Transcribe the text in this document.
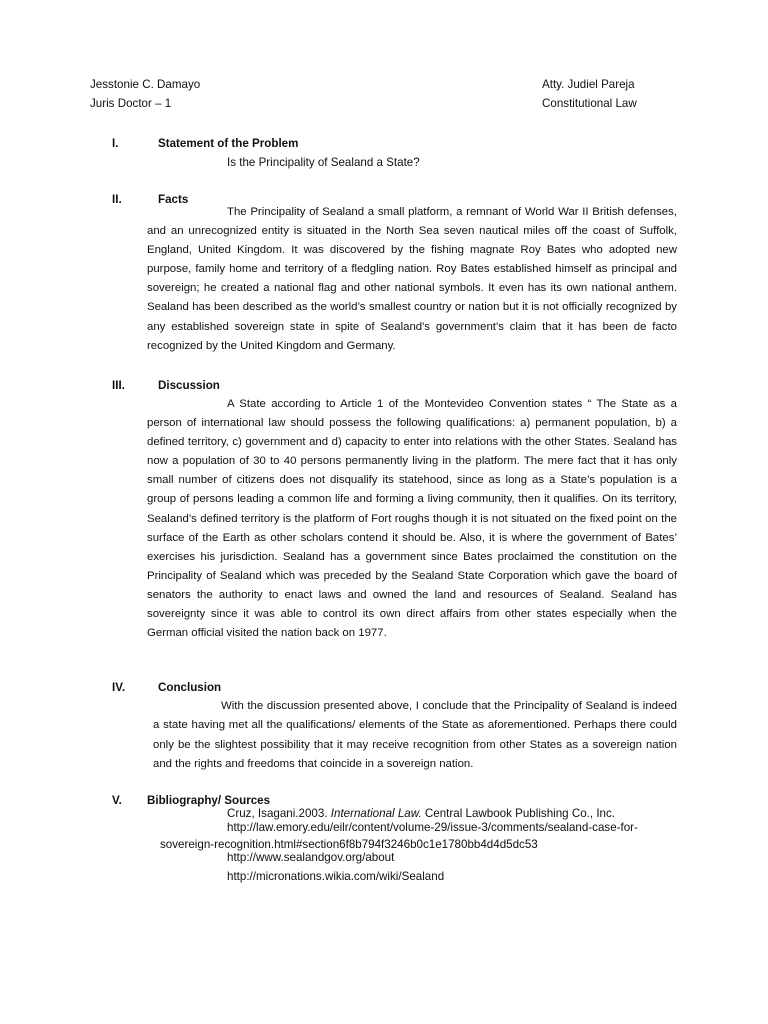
Jesstonie C. Damayo
Juris Doctor – 1
Atty. Judiel Pareja
Constitutional Law
I.	Statement of the Problem
Is the Principality of Sealand a State?
II.	Facts

The Principality of Sealand a small platform, a remnant of World War II British defenses, and an unrecognized entity is situated in the North Sea seven nautical miles off the coast of Suffolk, England, United Kingdom. It was discovered by the fishing magnate Roy Bates who adopted new purpose, family home and territory of a fledgling nation. Roy Bates established himself as principal and sovereign; he created a national flag and other national symbols. It even has its own national anthem. Sealand has been described as the world’s smallest country or nation but it is not officially recognized by any established sovereign state in spite of Sealand's government's claim that it has been de facto recognized by the United Kingdom and Germany.

III.	Discussion

A State according to Article 1 of the Montevideo Convention states “ The State as a person of international law should possess the following qualifications: a) permanent population, b) a defined territory, c) government and d) capacity to enter into relations with the other States. Sealand has now a population of 30 to 40 persons permanently living in the platform. The mere fact that it has only small number of citizens does not disqualify its statehood, since as long as a State’s population is a group of persons leading a common life and forming a living community, then it qualifies. On its territory, Sealand’s defined territory is the platform of Fort roughs though it is not situated on the fixed point on the surface of the Earth as other scholars contend it should be. Also, it is where the government of Bates’ exercises his jurisdiction. Sealand has a government since Bates proclaimed the constitution on the Principality of Sealand which was preceded by the Sealand State Corporation which gave the board of senators the authority to enact laws and owned the land and resources of Sealand. Sealand has sovereignty since it was able to control its own direct affairs from other states especially when the German official visited the nation back on 1977.

IV.	Conclusion

With the discussion presented above, I conclude that the Principality of Sealand is indeed a state having met all the qualifications/ elements of the State as aforementioned. Perhaps there could only be the slightest possibility that it may receive recognition from other States as a sovereign nation and the rights and freedoms that coincide in a sovereign nation.

V. Bibliography/ Sources
Cruz, Isagani.2003. International Law. Central Lawbook Publishing Co., Inc.
http://law.emory.edu/eilr/content/volume-29/issue-3/comments/sealand-case-for-
sovereign-recognition.html#section6f8b794f3246b0c1e1780bb4d4d5dc53
http://www.sealandgov.org/about
http://micronations.wikia.com/wiki/Sealand
